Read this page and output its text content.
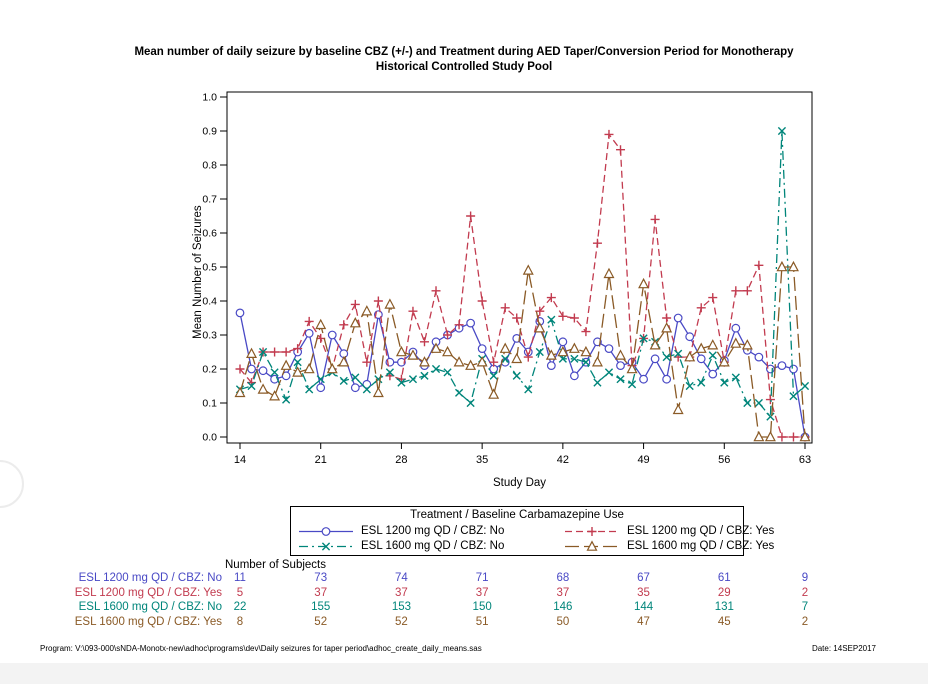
Mean number of daily seizure by baseline CBZ (+/-) and Treatment during AED Taper/Conversion Period for Monotherapy
Historical Controlled Study Pool
0.0
0.1
0.2
0.3
0.4
0.5
0.6
0.7
0.8
0.9
1.0
14	21	28	35	42	49	56	63
Mean Number of Seizures
Study Day
Treatment / Baseline Carbamazepine Use
ESL 1200 mg QD / CBZ: No	ESL 1200 mg QD / CBZ: Yes
ESL 1600 mg QD / CBZ: No	ESL 1600 mg QD / CBZ: Yes
Number of Subjects
ESL 1200 mg QD / CBZ: No	11	73	74	71	68	67	61	9
ESL 1200 mg QD / CBZ: Yes	5	37	37	37	37	35	29	2
ESL 1600 mg QD / CBZ: No	22	155	153	150	146	144	131	7
ESL 1600 mg QD / CBZ: Yes	8	52	52	51	50	47	45	2
Program: V:\093-000\sNDA-Monotx-new\adhoc\programs\dev\Daily seizures for taper period\adhoc_create_daily_means.sas	Date: 14SEP2017
